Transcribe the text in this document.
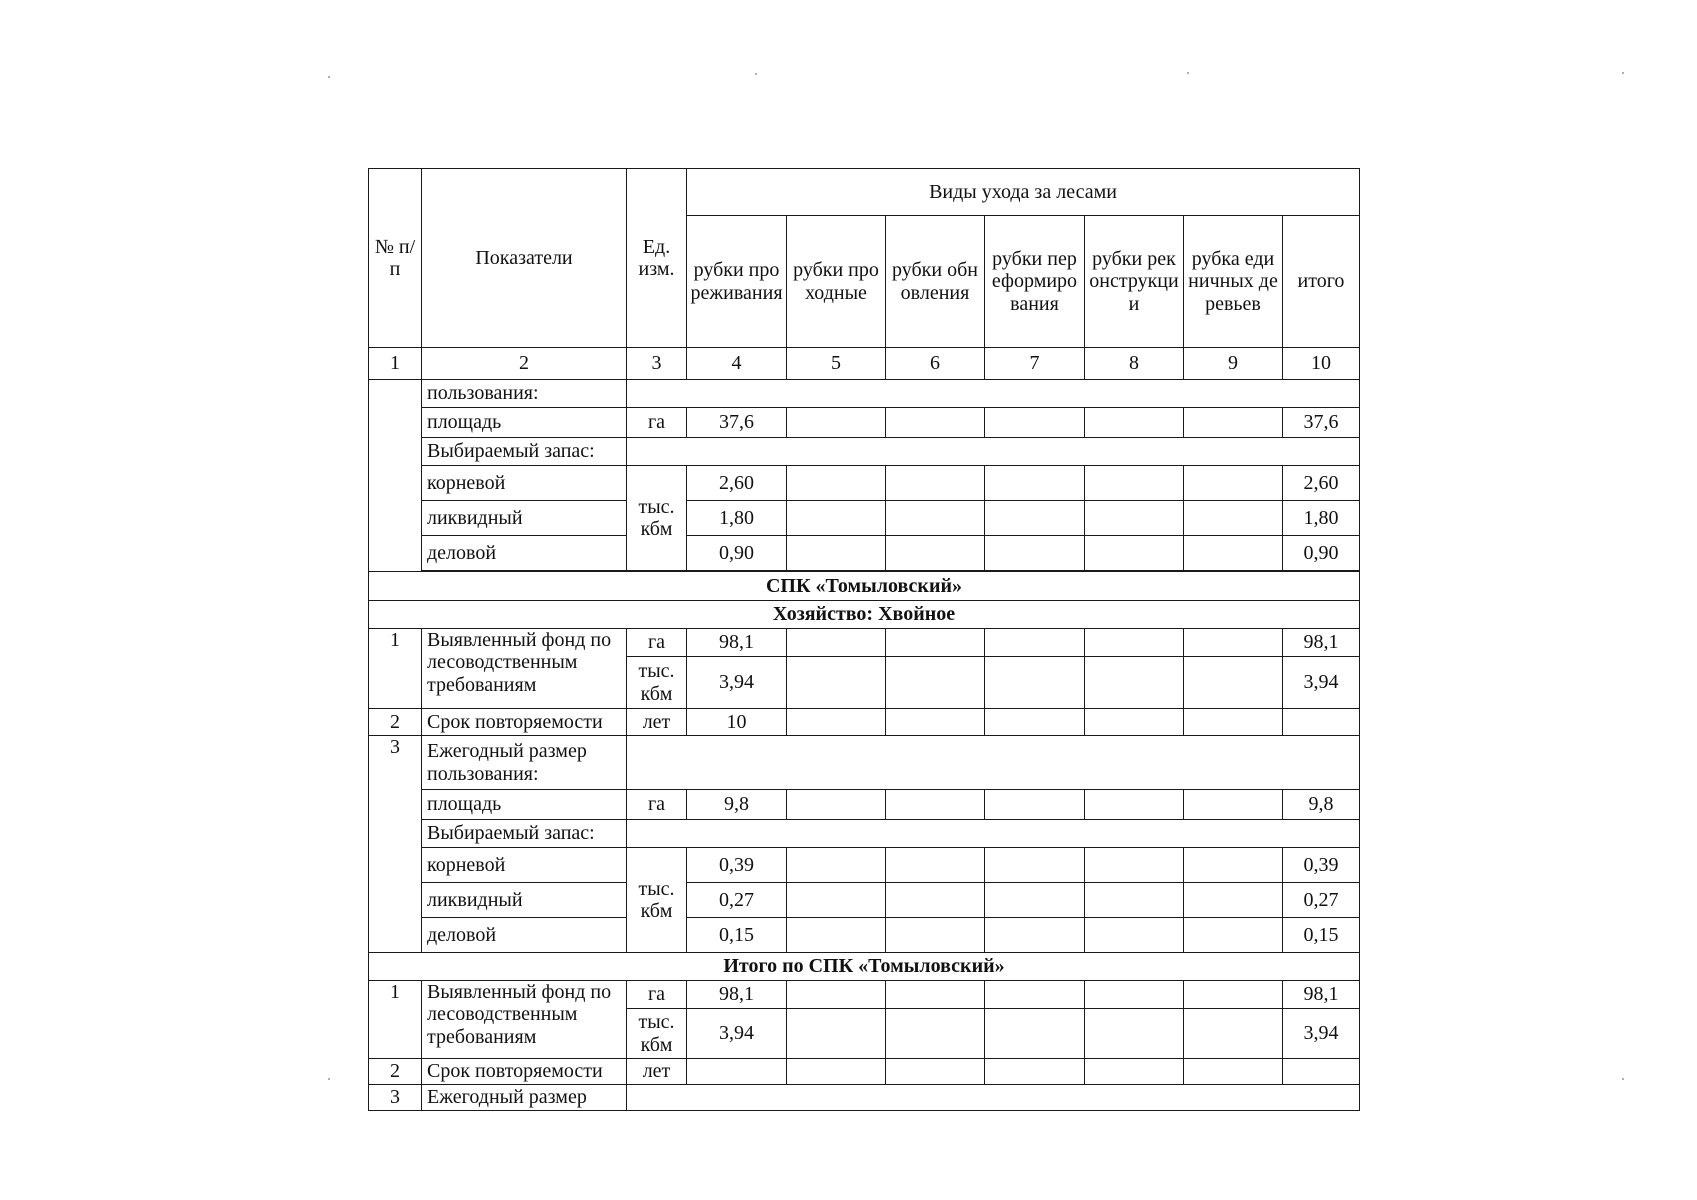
№ п/п	Показатели	Ед. изм.	Виды ухода за лесами						
			рубки прореживания	рубки проходные	рубки обновления	рубки переформирования	рубки реконструкции	рубка единичных деревьев	итого
1	2	3	4	5	6	7	8	9	10
	пользования:								
	площадь	га	37,6						37,6
	Выбираемый запас:								
	корневой	тыс. кбм	2,60						2,60
	ликвидный		1,80						1,80
	деловой		0,90						0,90

СПК «Томыловский»									
Хозяйство: Хвойное									
1	Выявленный фонд по лесоводственным требованиям	га	98,1						98,1
		тыс. кбм	3,94						3,94
2	Срок повторяемости	лет	10						
3	Ежегодный размер пользования:								
	площадь	га	9,8						9,8
	Выбираемый запас:								
	корневой	тыс. кбм	0,39						0,39
	ликвидный		0,27						0,27
	деловой		0,15						0,15
Итого по СПК «Томыловский»									
1	Выявленный фонд по лесоводственным требованиям	га	98,1						98,1
		тыс. кбм	3,94						3,94
2	Срок повторяемости	лет							
3	Ежегодный размер								
